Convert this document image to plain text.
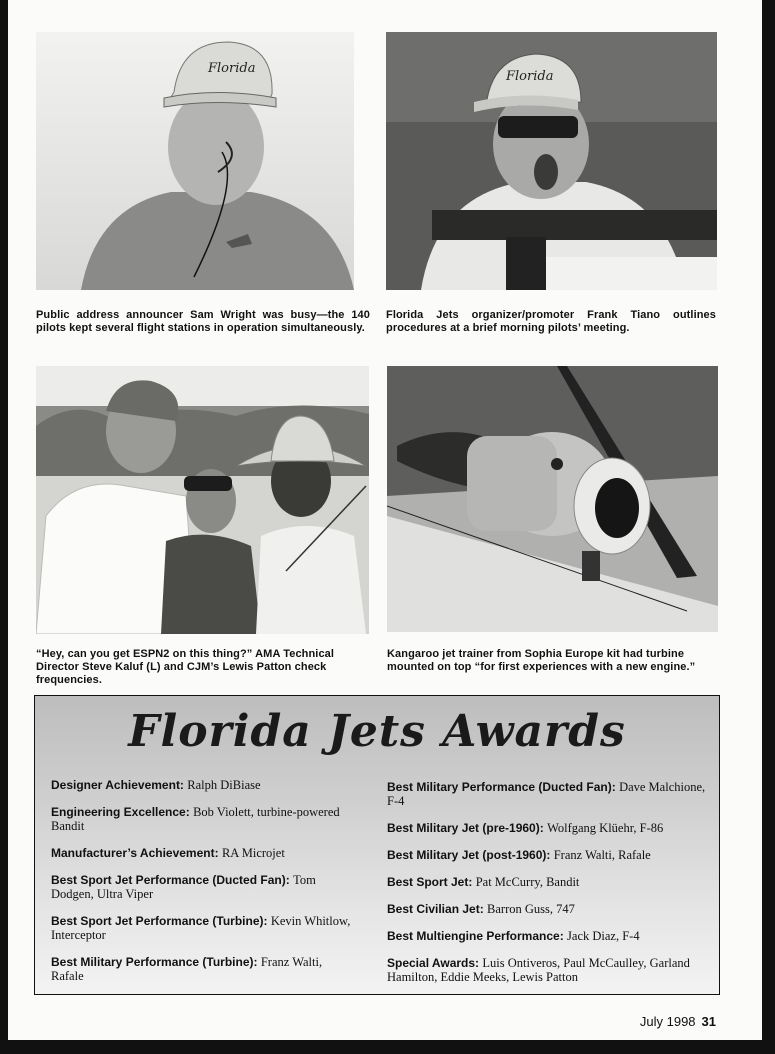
Florida
Public address announcer Sam Wright was busy—the 140 pilots kept several flight stations in operation simultaneously.
Florida
Florida Jets organizer/promoter Frank Tiano outlines procedures at a brief morning pilots’ meeting.
“Hey, can you get ESPN2 on this thing?” AMA Technical Director Steve Kaluf (L) and CJM’s Lewis Patton check frequencies.
Kangaroo jet trainer from Sophia Europe kit had turbine mounted on top “for first experiences with a new engine.”
Florida Jets Awards
Designer Achievement: Ralph DiBiase
Engineering Excellence: Bob Violett, turbine-powered Bandit
Manufacturer’s Achievement: RA Microjet
Best Sport Jet Performance (Ducted Fan): Tom Dodgen, Ultra Viper
Best Sport Jet Performance (Turbine): Kevin Whitlow, Interceptor
Best Military Performance (Turbine): Franz Walti, Rafale
Best Military Performance (Ducted Fan): Dave Malchione, F-4
Best Military Jet (pre-1960): Wolfgang Klüehr, F-86
Best Military Jet (post-1960): Franz Walti, Rafale
Best Sport Jet: Pat McCurry, Bandit
Best Civilian Jet: Barron Guss, 747
Best Multiengine Performance: Jack Diaz, F-4
Special Awards: Luis Ontiveros, Paul McCaulley, Garland Hamilton, Eddie Meeks, Lewis Patton
July 1998 31
